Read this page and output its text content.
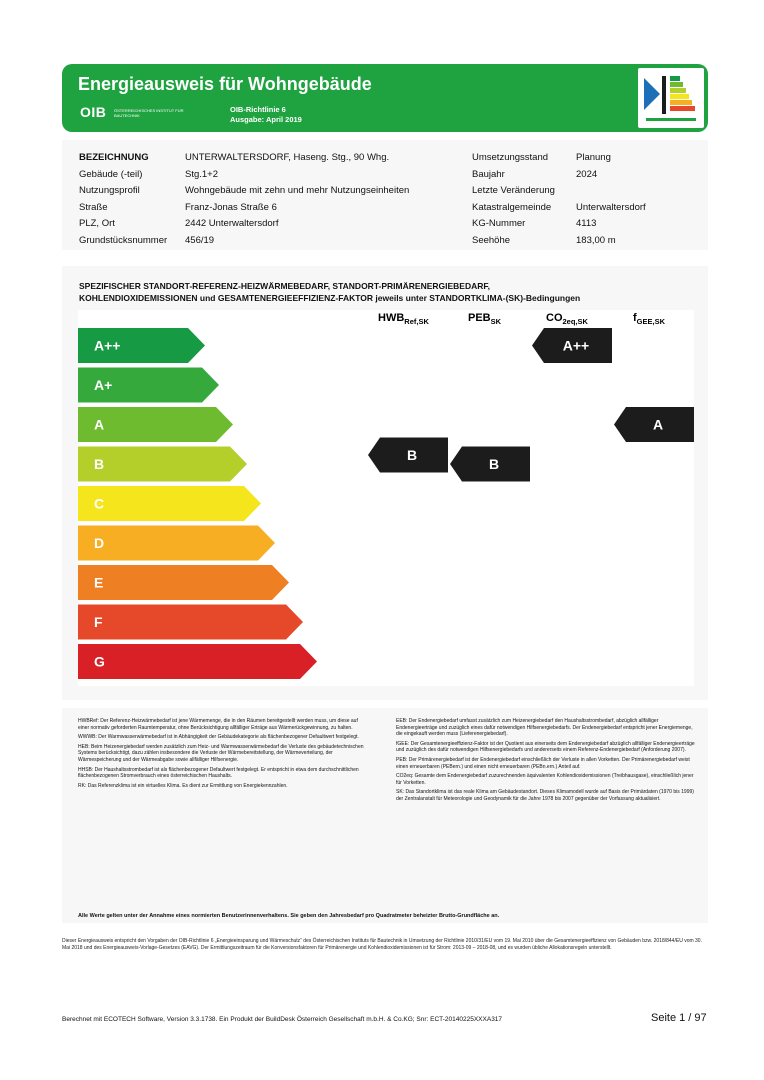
Energieausweis für Wohngebäude
OIB ÖSTERREICHISCHES INSTITUT FÜR BAUTECHNIK
OIB-Richtlinie 6
Ausgabe: April 2019
BEZEICHNUNG	UNTERWALTERSDORF, Haseng. Stg., 90 Whg.	Umsetzungsstand	Planung
Gebäude (-teil)	Stg.1+2	Baujahr	2024
Nutzungsprofil	Wohngebäude mit zehn und mehr Nutzungseinheiten	Letzte Veränderung
Straße	Franz-Jonas Straße 6	Katastralgemeinde	Unterwaltersdorf
PLZ, Ort	2442 Unterwaltersdorf	KG-Nummer	4113
Grundstücksnummer 456/19	Seehöhe	183,00 m
SPEZIFISCHER STANDORT-REFERENZ-HEIZWÄRMEBEDARF, STANDORT-PRIMÄRENERGIEBEDARF,
KOHLENDIOXIDEMISSIONEN und GESAMTENERGIEEFFIZIENZ-FAKTOR jeweils unter STANDORTKLIMA-(SK)-Bedingungen
A++
A+
A
B
C
D
E
F
G
$HWB_{Ref,SK}$	$PEB_{SK}$	$CO_{2eq,SK}$	$f_{GEE,SK}$
B
B
A++
A
HWBRef: Der Referenz-Heizwärmebedarf ist jene Wärmemenge, die in den Räumen bereitgestellt werden muss, um diese auf einer normativ geforderten Raumtemperatur, ohne Berücksichtigung allfälliger Erträge aus Wärmerückgewinnung, zu halten.
WWWB: Der Warmwasserwärmebedarf ist in Abhängigkeit der Gebäudekategorie als flächenbezogener Defaultwert festgelegt.
HEB: Beim Heizenergiebedarf werden zusätzlich zum Heiz- und Warmwasserwärmebedarf die Verluste des gebäudetechnischen Systems berücksichtigt, dazu zählen insbesondere die Verluste der Wärmebereitstellung, der Wärmeverteilung, der Wärmespeicherung und der Wärmeabgabe sowie allfälliger Hilfsenergie.
HHSB: Der Haushaltsstrombedarf ist als flächenbezogener Defaultwert festgelegt. Er entspricht in etwa dem durchschnittlichen flächenbezogenen Stromverbrauch eines österreichischen Haushalts.
RK: Das Referenzklima ist ein virtuelles Klima. Es dient zur Ermittlung von Energiekennzahlen.
EEB: Der Endenergiebedarf umfasst zusätzlich zum Heizenergiebedarf den Haushaltsstrombedarf, abzüglich allfälliger Endenergieerträge und zuzüglich eines dafür notwendigen Hilfsenergiebedarfs. Der Endenergiebedarf entspricht jener Energiemenge, die eingekauft werden muss (Lieferenergiebedarf).
fGEE: Der Gesamtenergieeffizienz-Faktor ist der Quotient aus einerseits dem Endenergiebedarf abzüglich allfälliger Endenergieerträge und zuzüglich des dafür notwendigen Hilfsenergiebedarfs und andererseits einem Referenz-Endenergiebedarf (Anforderung 2007).
PEB: Der Primärenergiebedarf ist der Endenergiebedarf einschließlich der Verluste in allen Vorketten. Der Primärenergiebedarf weist einen erneuerbaren (PEBern.) und einen nicht erneuerbaren (PEBn.ern.) Anteil auf.
CO2eq: Gesamte dem Endenergiebedarf zuzurechnenden äquivalenten Kohlendioxidemissionen (Treibhausgase), einschließlich jener für Vorketten.
SK: Das Standortklima ist das reale Klima am Gebäudestandort. Dieses Klimamodell wurde auf Basis der Primärdaten (1970 bis 1999) der Zentralanstalt für Meteorologie und Geodynamik für die Jahre 1978 bis 2007 gegenüber der Vorfassung aktualisiert.
Alle Werte gelten unter der Annahme eines normierten Benutzerinnenverhaltens. Sie geben den Jahresbedarf pro Quadratmeter beheizter Brutto-Grundfläche an.
Dieser Energieausweis entspricht den Vorgaben der OIB-Richtlinie 6 „Energieeinsparung und Wärmeschutz“ des Österreichischen Instituts für Bautechnik in Umsetzung der Richtlinie 2010/31/EU vom 19. Mai 2010 über die Gesamtenergieeffizienz von Gebäuden bzw. 2018/844/EU vom 30. Mai 2018 und des Energieausweis-Vorlage-Gesetzes (EAVG). Der Ermittlungszeitraum für die Konversionsfaktoren für Primärenergie und Kohlendioxidemissionen ist für Strom: 2013-09 – 2018-08, und es wurden übliche Allokationsregeln unterstellt.
Berechnet mit ECOTECH Software, Version 3.3.1738. Ein Produkt der BuildDesk Österreich Gesellschaft m.b.H. & Co.KG; Snr: ECT-20140225XXXA317	Seite 1 / 97
